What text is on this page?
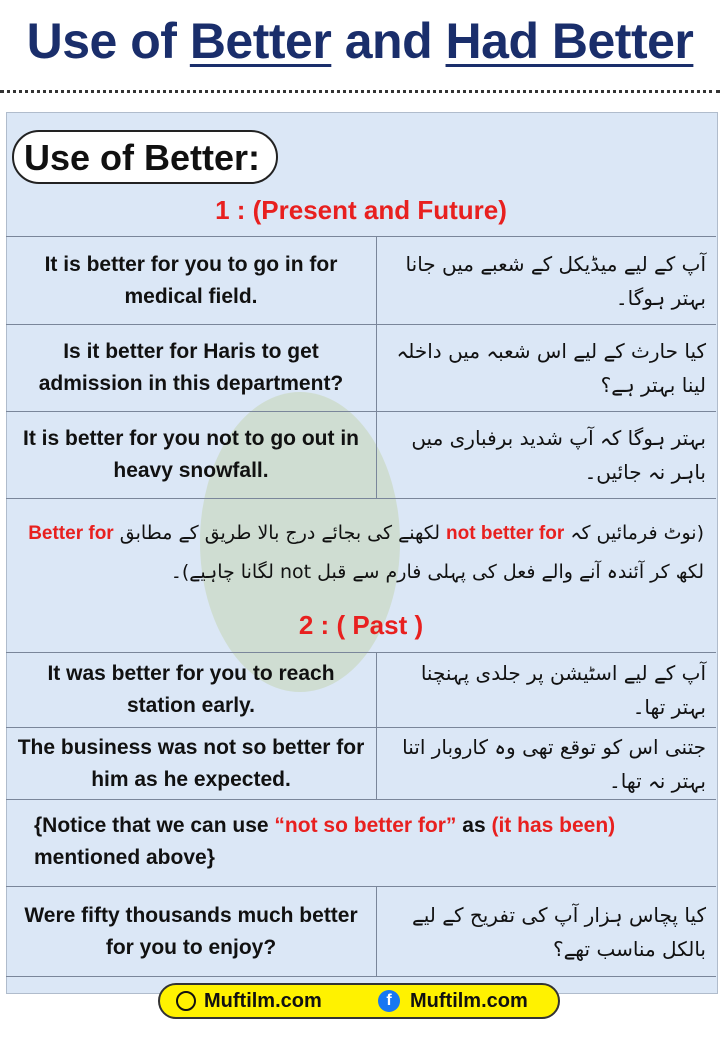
Use of Better and Had Better
Use of Better:
1 : (Present and Future)
It is better for you to go in for medical field.	آپ کے لیے میڈیکل کے شعبے میں جانا بہتر ہوگا۔
Is it better for Haris to get admission in this department?	کیا حارث کے لیے اس شعبہ میں داخلہ لینا بہتر ہے؟
It is better for you not to go out in heavy snowfall.	بہتر ہوگا کہ آپ شدید برفباری میں باہر نہ جائیں۔
(نوٹ فرمائیں کہ not better for لکھنے کی بجائے درج بالا طریق کے مطابق Better for لکھ کر آئندہ آنے والے فعل کی پہلی فارم سے قبل not لگانا چاہیے)۔
2 : ( Past )
It was better for you to reach station early.	آپ کے لیے اسٹیشن پر جلدی پہنچنا بہتر تھا۔
The business was not so better for him as he expected.	جتنی اس کو توقع تھی وہ کاروبار اتنا بہتر نہ تھا۔
{Notice that we can use “not so better for” as (it has been) mentioned above}
Were fifty thousands much better for you to enjoy?	کیا پچاس ہزار آپ کی تفریح کے لیے بالکل مناسب تھے؟
Muftilm.com	f Muftilm.com
